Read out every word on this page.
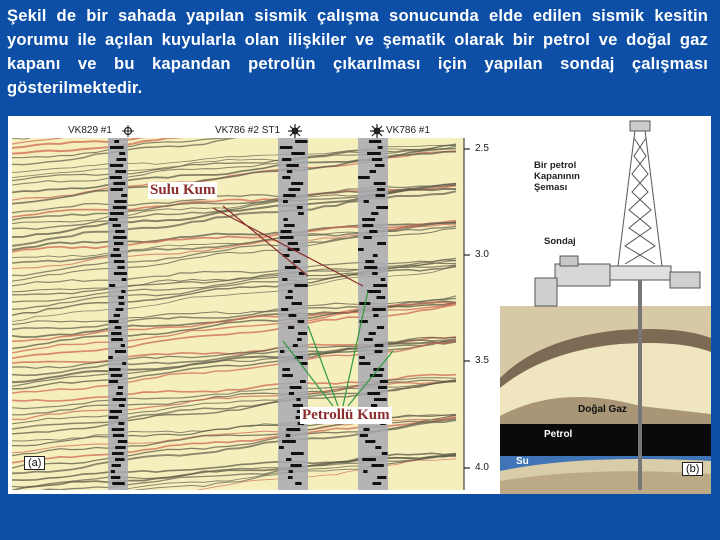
Şekil de bir sahada yapılan sismik çalışma sonucunda elde edilen sismik kesitin yorumu ile açılan kuyularla olan ilişkiler ve şematik olarak bir petrol ve doğal gaz kapanı ve bu kapandan petrolün çıkarılması için yapılan sondaj çalışması gösterilmektedir.
VK829 #1	VK786 #2 ST1	VK786 #1
2.5
3.0
3.5
4.0
Sulu Kum
Petrollü Kum
(a)
Bir petrol Kapanının Şeması
Sondaj
Doğal Gaz
Petrol
Su
(b)
